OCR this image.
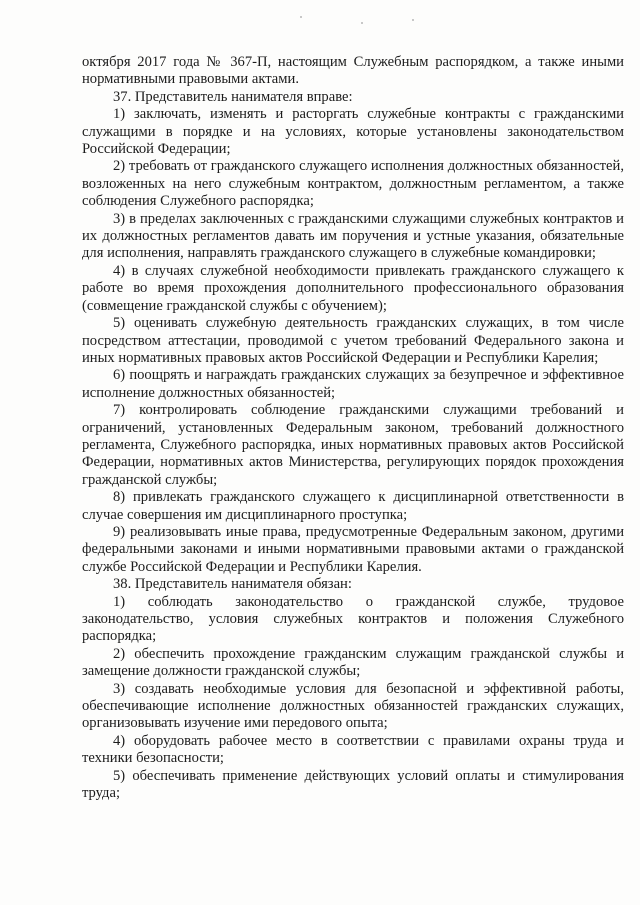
октября 2017 года № 367-П, настоящим Служебным распорядком, а также иными нормативными правовыми актами.

37. Представитель нанимателя вправе:

1) заключать, изменять и расторгать служебные контракты с гражданскими служащими в порядке и на условиях, которые установлены законодательством Российской Федерации;

2) требовать от гражданского служащего исполнения должностных обязанностей, возложенных на него служебным контрактом, должностным регламентом, а также соблюдения Служебного распорядка;

3) в пределах заключенных с гражданскими служащими служебных контрактов и их должностных регламентов давать им поручения и устные указания, обязательные для исполнения, направлять гражданского служащего в служебные командировки;

4) в случаях служебной необходимости привлекать гражданского служащего к работе во время прохождения дополнительного профессионального образования (совмещение гражданской службы с обучением);

5) оценивать служебную деятельность гражданских служащих, в том числе посредством аттестации, проводимой с учетом требований Федерального закона и иных нормативных правовых актов Российской Федерации и Республики Карелия;

6) поощрять и награждать гражданских служащих за безупречное и эффективное исполнение должностных обязанностей;

7) контролировать соблюдение гражданскими служащими требований и ограничений, установленных Федеральным законом, требований должностного регламента, Служебного распорядка, иных нормативных правовых актов Российской Федерации, нормативных актов Министерства, регулирующих порядок прохождения гражданской службы;

8) привлекать гражданского служащего к дисциплинарной ответственности в случае совершения им дисциплинарного проступка;

9) реализовывать иные права, предусмотренные Федеральным законом, другими федеральными законами и иными нормативными правовыми актами о гражданской службе Российской Федерации и Республики Карелия.

38. Представитель нанимателя обязан:

1) соблюдать законодательство о гражданской службе, трудовое законодательство, условия служебных контрактов и положения Служебного распорядка;

2) обеспечить прохождение гражданским служащим гражданской службы и замещение должности гражданской службы;

3) создавать необходимые условия для безопасной и эффективной работы, обеспечивающие исполнение должностных обязанностей гражданских служащих, организовывать изучение ими передового опыта;

4) оборудовать рабочее место в соответствии с правилами охраны труда и техники безопасности;

5) обеспечивать применение действующих условий оплаты и стимулирования труда;
